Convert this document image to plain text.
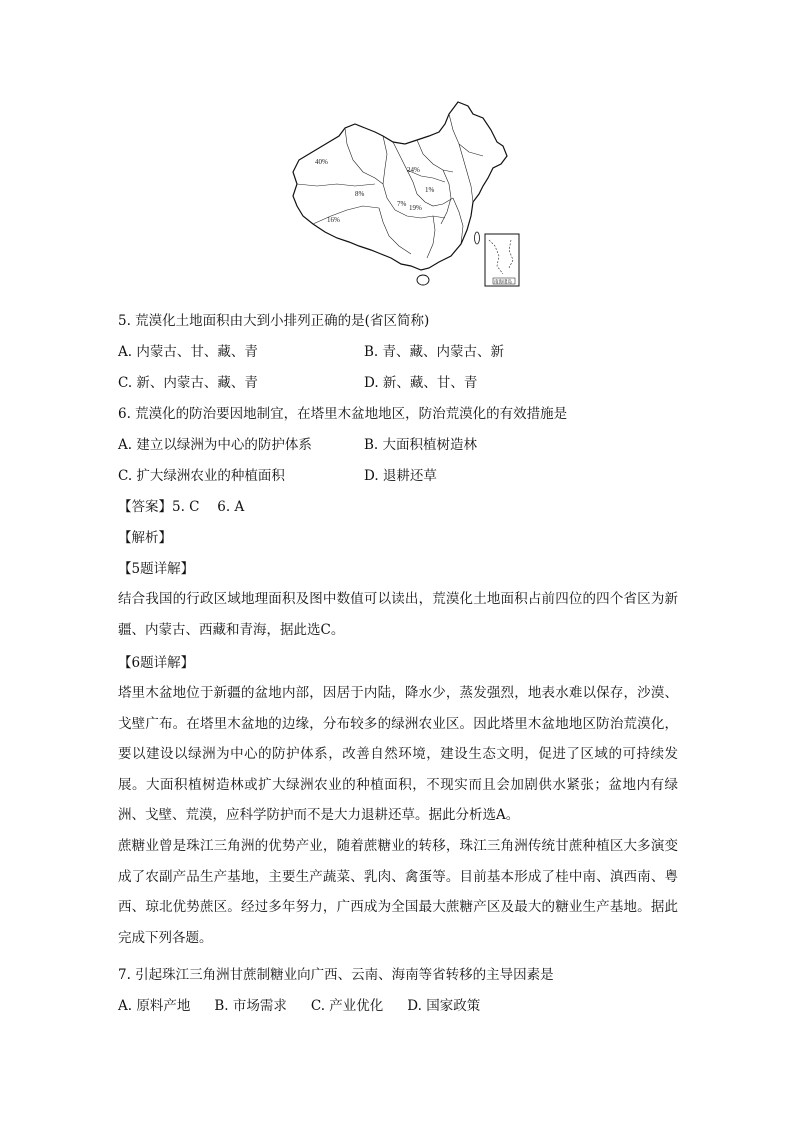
40%
24%
1%
8%
7% 19%
16%
南海诸岛
5. 荒漠化土地面积由大到小排列正确的是(省区简称)
A. 内蒙古、甘、藏、青	B. 青、藏、内蒙古、新
C. 新、内蒙古、藏、青	D. 新、藏、甘、青
6. 荒漠化的防治要因地制宜，在塔里木盆地地区，防治荒漠化的有效措施是
A. 建立以绿洲为中心的防护体系	B. 大面积植树造林
C. 扩大绿洲农业的种植面积	D. 退耕还草
【答案】5. C　 6. A
【解析】
【5题详解】
结合我国的行政区域地理面积及图中数值可以读出，荒漠化土地面积占前四位的四个省区为新疆、内蒙古、西藏和青海，据此选C。
【6题详解】
塔里木盆地位于新疆的盆地内部，因居于内陆，降水少，蒸发强烈，地表水难以保存，沙漠、戈壁广布。在塔里木盆地的边缘，分布较多的绿洲农业区。因此塔里木盆地地区防治荒漠化，要以建设以绿洲为中心的防护体系，改善自然环境，建设生态文明，促进了区域的可持续发展。大面积植树造林或扩大绿洲农业的种植面积，不现实而且会加剧供水紧张；盆地内有绿洲、戈壁、荒漠，应科学防护而不是大力退耕还草。据此分析选A。
蔗糖业曾是珠江三角洲的优势产业，随着蔗糖业的转移，珠江三角洲传统甘蔗种植区大多演变成了农副产品生产基地，主要生产蔬菜、乳肉、禽蛋等。目前基本形成了桂中南、滇西南、粤西、琼北优势蔗区。经过多年努力，广西成为全国最大蔗糖产区及最大的糖业生产基地。据此完成下列各题。
7. 引起珠江三角洲甘蔗制糖业向广西、云南、海南等省转移的主导因素是
A. 原料产地 B. 市场需求 C. 产业优化 D. 国家政策
